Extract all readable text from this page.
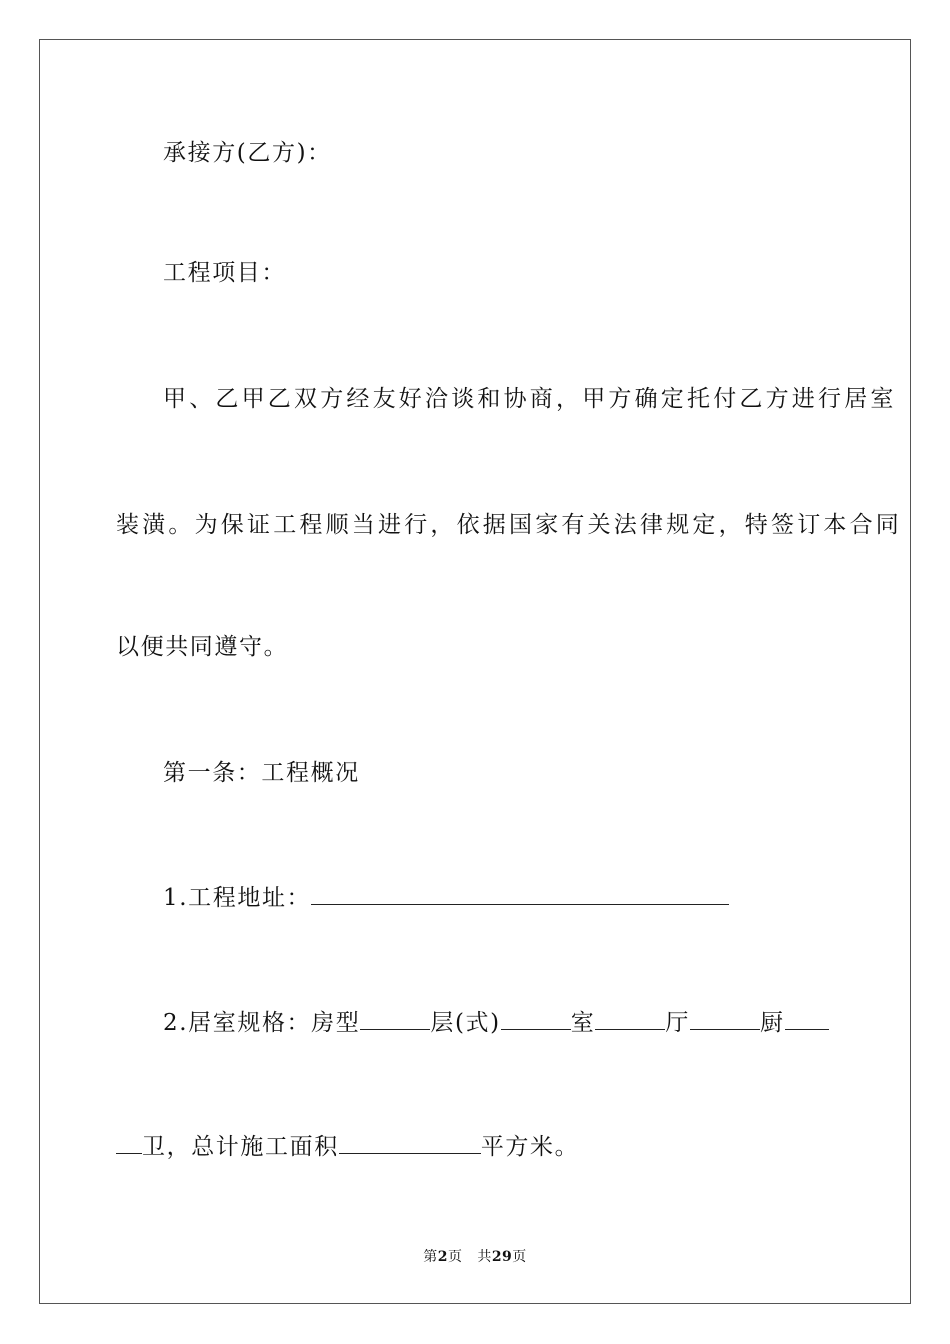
承接方(乙方)：
工程项目：
甲、乙甲乙双方经友好洽谈和协商，甲方确定托付乙方进行居室
装潢。为保证工程顺当进行，依据国家有关法律规定，特签订本合同
以便共同遵守。
第一条：工程概况
1.工程地址：
2.居室规格：房型	层(式)	室	厅	厨
卫，总计施工面积	平方米。
第2页 共29页
